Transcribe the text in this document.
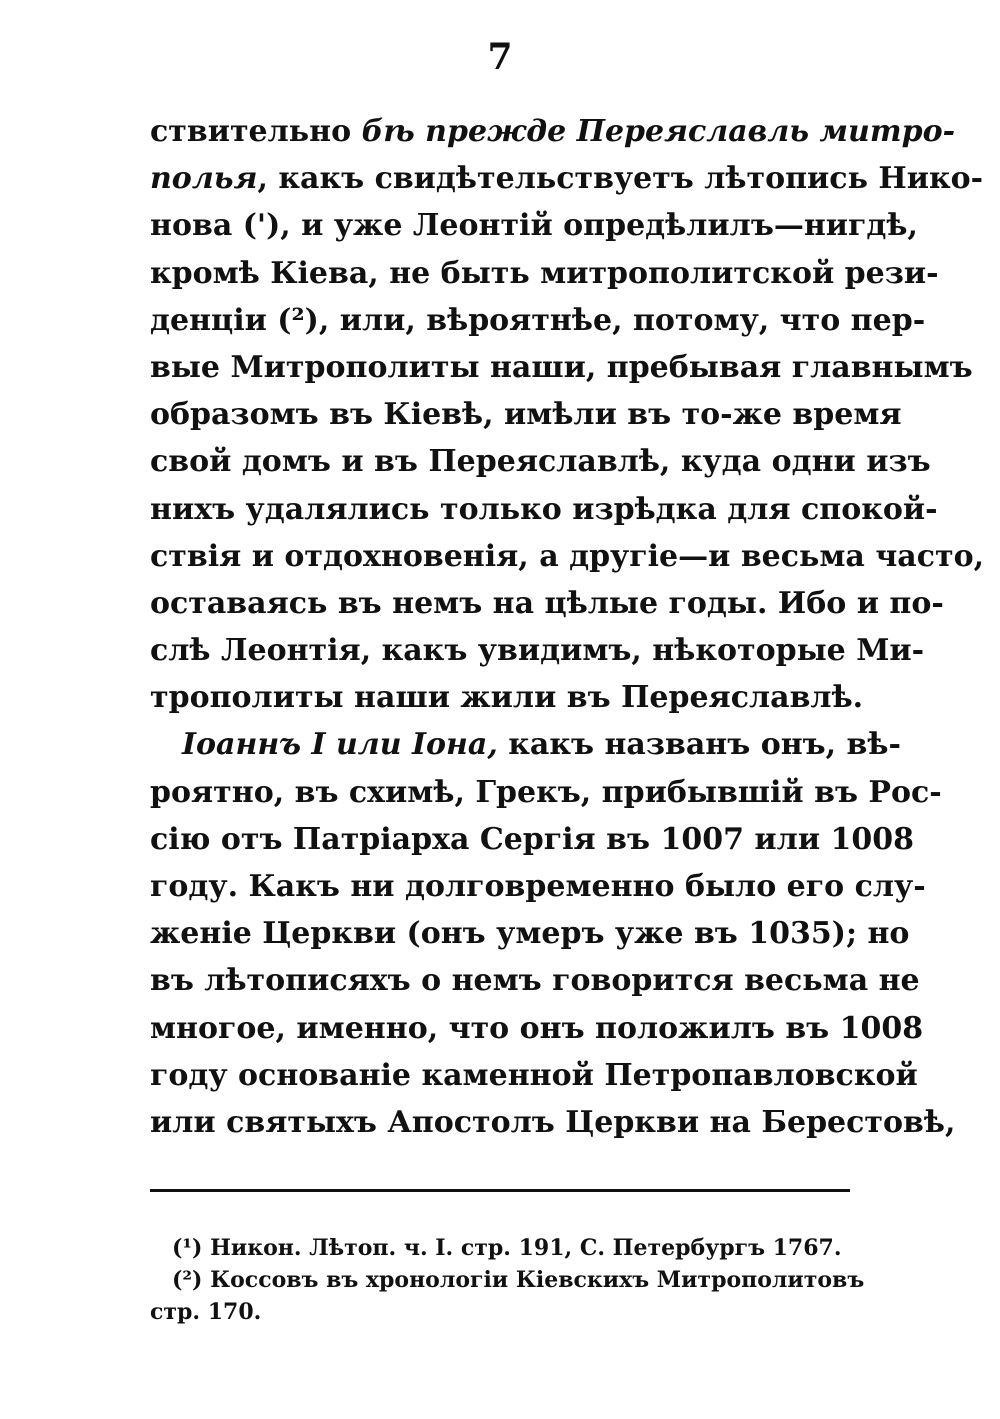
7
ствительно бѣ прежде Переяславль митро-
полья, какъ свидѣтельствуетъ лѣтопись Нико-
нова ('), и уже Леонтій опредѣлилъ—нигдѣ,
кромѣ Кіева, не быть митрополитской рези-
денціи (²), или, вѣроятнѣе, потому, что пер-
вые Митрополиты наши, пребывая главнымъ
образомъ въ Кіевѣ, имѣли въ то-же время
свой домъ и въ Переяславлѣ, куда одни изъ
нихъ удалялись только изрѣдка для спокой-
ствія и отдохновенія, а другіе—и весьма часто,
оставаясь въ немъ на цѣлые годы. Ибо и по-
слѣ Леонтія, какъ увидимъ, нѣкоторые Ми-
трополиты наши жили въ Переяславлѣ.
Іоаннъ I или Іона, какъ названъ онъ, вѣ-
роятно, въ схимѣ, Грекъ, прибывшій въ Рос-
сію отъ Патріарха Сергія въ 1007 или 1008
году. Какъ ни долговременно было его слу-
женіе Церкви (онъ умеръ уже въ 1035); но
въ лѣтописяхъ о немъ говорится весьма не
многое, именно, что онъ положилъ въ 1008
году основаніе каменной Петропавловской
или святыхъ Апостолъ Церкви на Берестовѣ,
(¹) Никон. Лѣтоп. ч. I. стр. 191, С. Петербургъ 1767.
(²) Коссовъ въ хронологіи Кіевскихъ Митрополитовъ
стр. 170.
